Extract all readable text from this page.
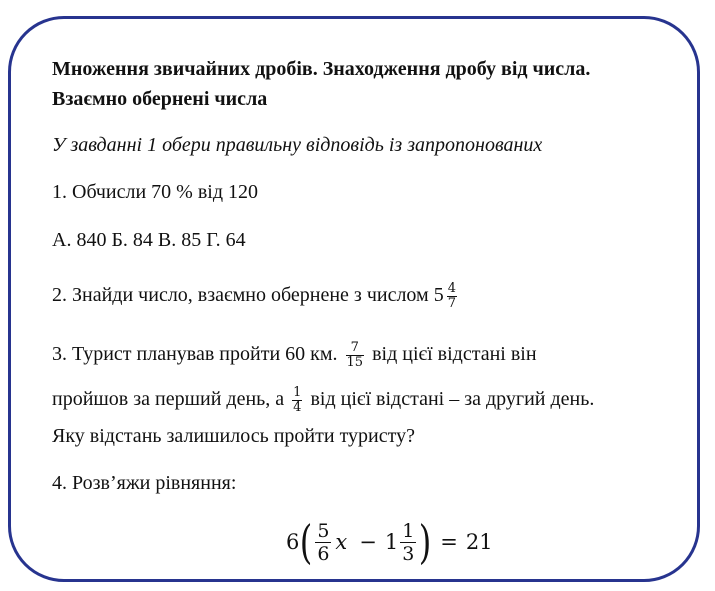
Множення звичайних дробів. Знаходження дробу від числа.
Взаємно обернені числа
У завданні 1 обери правильну відповідь із запропонованих
1. Обчисли 70 % від 120
А. 840 Б. 84 В. 85 Г. 64
2. Знайди число, взаємно обернене з числом $5 \frac{4}{7}$
3. Турист планував пройти 60 км. $\frac{7}{15}$ від цієї відстані він
пройшов за перший день, а $\frac{1}{4}$ від цієї відстані – за другий день.
Яку відстань залишилось пройти туристу?
4. Розв’яжи рівняння:
6 ( $\frac{5}{6}$ $x - 1 \frac{1}{3}$ ) = 21
